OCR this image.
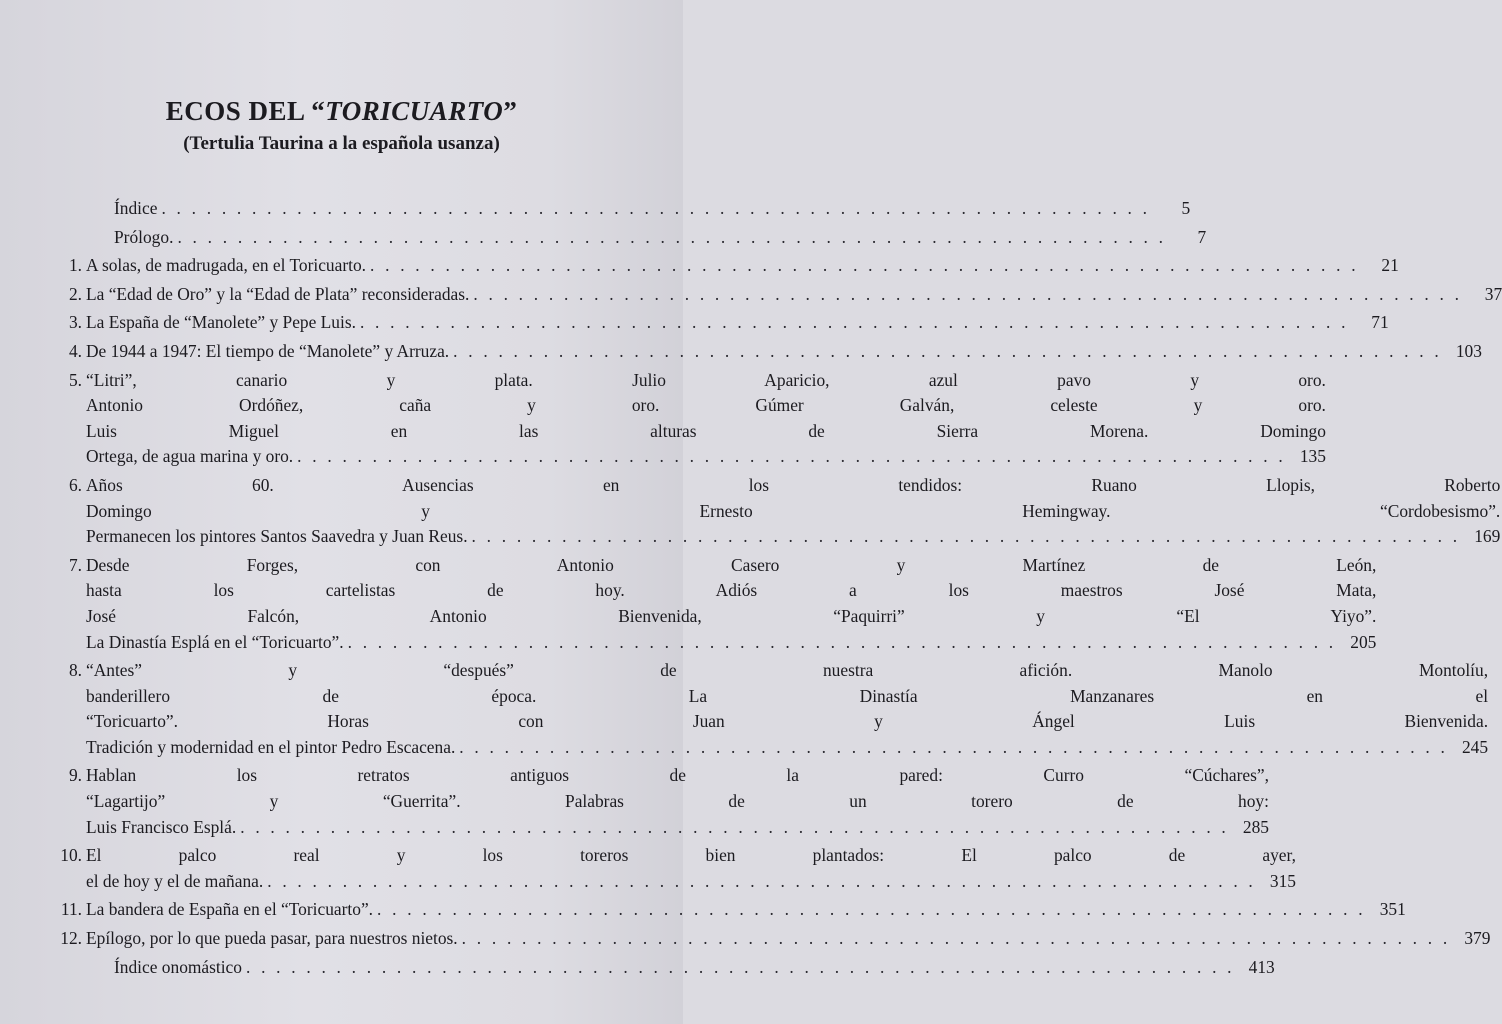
ECOS DEL “TORICUARTO”
(Tertulia Taurina a la española usanza)
Índice . . . . . . . . . . . . . . . . . . . . . . . . . . . . . . . . . . . . . . . . . . . . . . . . . . . . . . . . . . . . . . . . . .	5
Prólogo. . . . . . . . . . . . . . . . . . . . . . . . . . . . . . . . . . . . . . . . . . . . . . . . . . . . . . . . . . . . . . . . . . .	7
1. A solas, de madrugada, en el Toricuarto. . . . . . . . . . . . . . . . . . . . . . . . . . . . . . . . . . . . . . . . . . . . . . . . . . . . . . . . . . . . . . . . . . .	21
2. La “Edad de Oro” y la “Edad de Plata” reconsideradas. . . . . . . . . . . . . . . . . . . . . . . . . . . . . . . . . . . . . . . . . . . . . . . . . . . . . . . . . . . . . . . . . . .	37
3. La España de “Manolete” y Pepe Luis. . . . . . . . . . . . . . . . . . . . . . . . . . . . . . . . . . . . . . . . . . . . . . . . . . . . . . . . . . . . . . . . . . .	71
4. De 1944 a 1947: El tiempo de “Manolete” y Arruza. . . . . . . . . . . . . . . . . . . . . . . . . . . . . . . . . . . . . . . . . . . . . . . . . . . . . . . . . . . . . . . . . . . 103
5. “Litri”, canario y plata. Julio Aparicio, azul pavo y oro.
Antonio Ordóñez, caña y oro. Gúmer Galván, celeste y oro.
Luis Miguel en las alturas de Sierra Morena. Domingo
Ortega, de agua marina y oro. . . . . . . . . . . . . . . . . . . . . . . . . . . . . . . . . . . . . . . . . . . . . . . . . . . . . . . . . . . . . . . . . . . 135
6. Años 60. Ausencias en los tendidos: Ruano Llopis, Roberto
Domingo y Ernesto Hemingway. “Cordobesismo”.
Permanecen los pintores Santos Saavedra y Juan Reus. . . . . . . . . . . . . . . . . . . . . . . . . . . . . . . . . . . . . . . . . . . . . . . . . . . . . . . . . . . . . . . . . . . 169
7. Desde Forges, con Antonio Casero y Martínez de León,
hasta los cartelistas de hoy. Adiós a los maestros José Mata,
José Falcón, Antonio Bienvenida, “Paquirri” y “El Yiyo”.
La Dinastía Esplá en el “Toricuarto”. . . . . . . . . . . . . . . . . . . . . . . . . . . . . . . . . . . . . . . . . . . . . . . . . . . . . . . . . . . . . . . . . . . 205
8. “Antes” y “después” de nuestra afición. Manolo Montolíu,
banderillero de época. La Dinastía Manzanares en el
“Toricuarto”. Horas con Juan y Ángel Luis Bienvenida.
Tradición y modernidad en el pintor Pedro Escacena. . . . . . . . . . . . . . . . . . . . . . . . . . . . . . . . . . . . . . . . . . . . . . . . . . . . . . . . . . . . . . . . . . . 245
9. Hablan los retratos antiguos de la pared: Curro “Cúchares”,
“Lagartijo” y “Guerrita”. Palabras de un torero de hoy:
Luis Francisco Esplá. . . . . . . . . . . . . . . . . . . . . . . . . . . . . . . . . . . . . . . . . . . . . . . . . . . . . . . . . . . . . . . . . . . 285
10. El palco real y los toreros bien plantados: El palco de ayer,
el de hoy y el de mañana. . . . . . . . . . . . . . . . . . . . . . . . . . . . . . . . . . . . . . . . . . . . . . . . . . . . . . . . . . . . . . . . . . . 315
11. La bandera de España en el “Toricuarto”. . . . . . . . . . . . . . . . . . . . . . . . . . . . . . . . . . . . . . . . . . . . . . . . . . . . . . . . . . . . . . . . . . . 351
12. Epílogo, por lo que pueda pasar, para nuestros nietos. . . . . . . . . . . . . . . . . . . . . . . . . . . . . . . . . . . . . . . . . . . . . . . . . . . . . . . . . . . . . . . . . . . 379
Índice onomástico . . . . . . . . . . . . . . . . . . . . . . . . . . . . . . . . . . . . . . . . . . . . . . . . . . . . . . . . . . . . . . . . . . 413
